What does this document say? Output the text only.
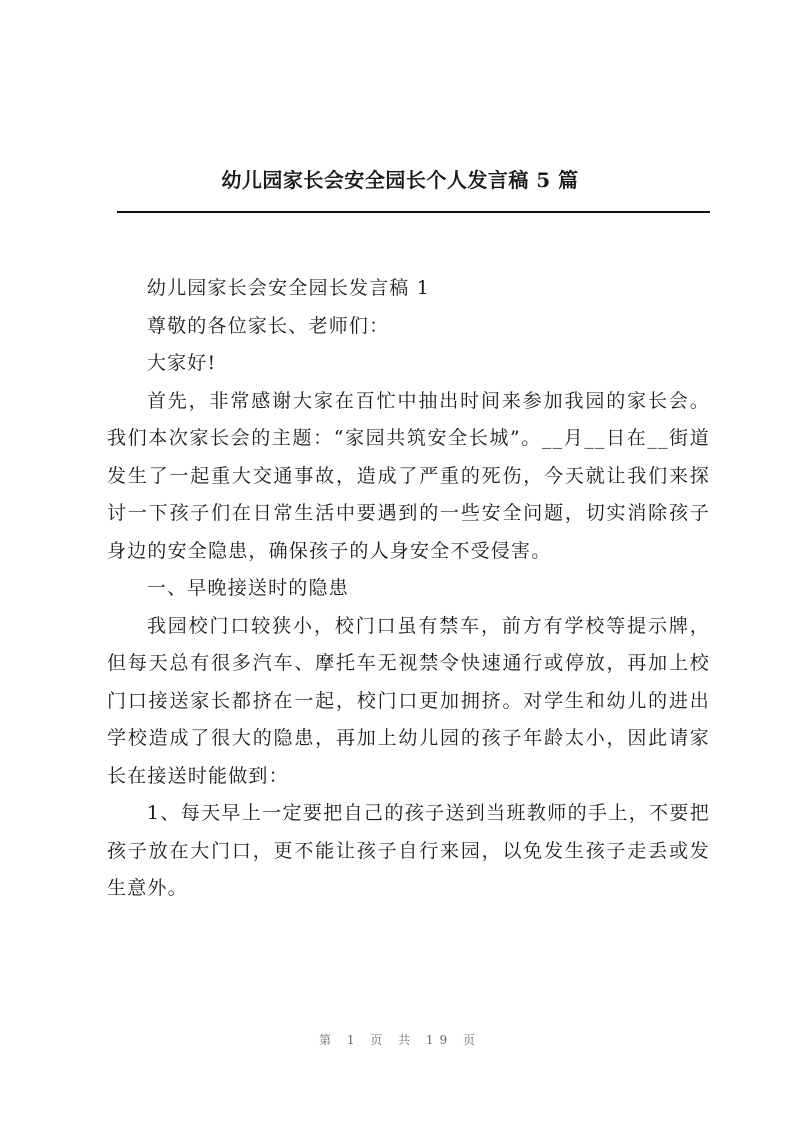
幼儿园家长会安全园长个人发言稿 5 篇

幼儿园家长会安全园长发言稿 1

尊敬的各位家长、老师们：

大家好!

首先，非常感谢大家在百忙中抽出时间来参加我园的家长会。我们本次家长会的主题：“家园共筑安全长城”。__月__日在__街道发生了一起重大交通事故，造成了严重的死伤，今天就让我们来探讨一下孩子们在日常生活中要遇到的一些安全问题，切实消除孩子身边的安全隐患，确保孩子的人身安全不受侵害。

一、早晚接送时的隐患

我园校门口较狭小，校门口虽有禁车，前方有学校等提示牌，但每天总有很多汽车、摩托车无视禁令快速通行或停放，再加上校门口接送家长都挤在一起，校门口更加拥挤。对学生和幼儿的进出学校造成了很大的隐患，再加上幼儿园的孩子年龄太小，因此请家长在接送时能做到：

1、每天早上一定要把自己的孩子送到当班教师的手上，不要把孩子放在大门口，更不能让孩子自行来园，以免发生孩子走丢或发生意外。

第 1 页 共 19 页
